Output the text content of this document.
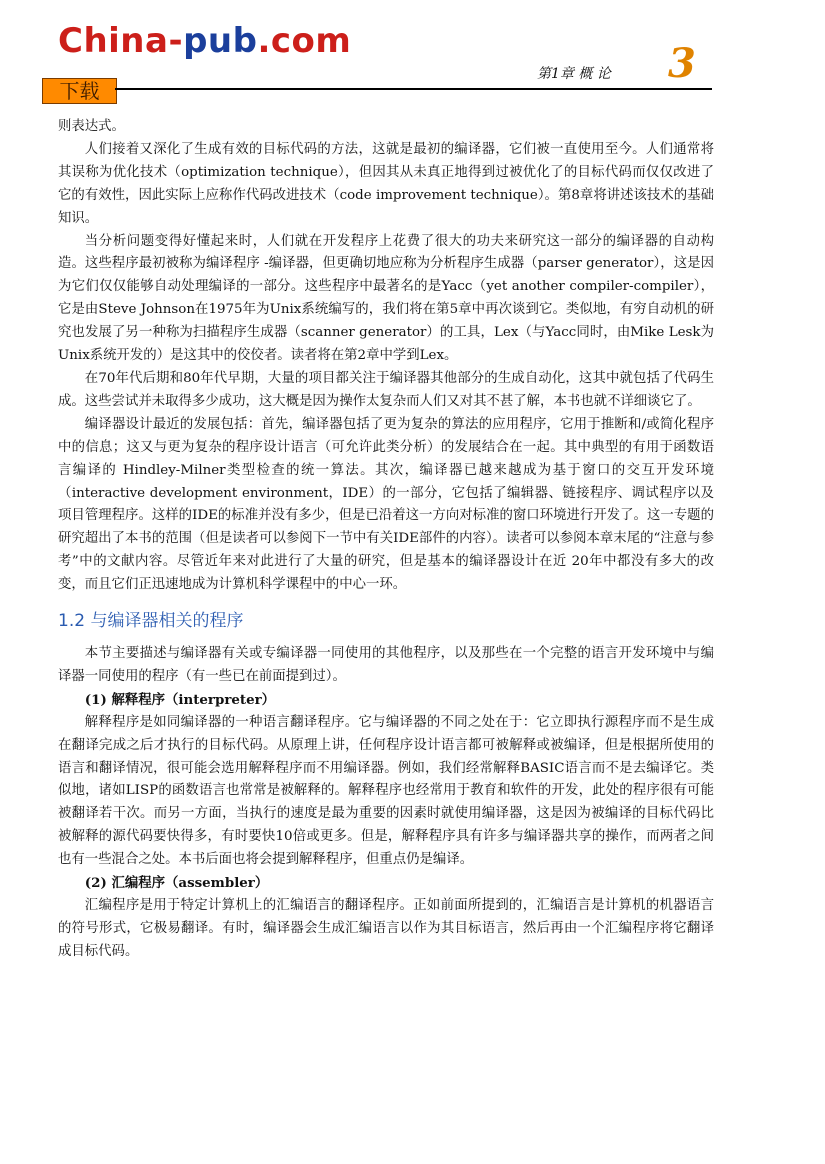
China-pub.com
下载
第1章 概 论 3

则表达式。

人们接着又深化了生成有效的目标代码的方法，这就是最初的编译器，它们被一直使用至今。人们通常将其误称为优化技术（optimization technique），但因其从未真正地得到过被优化了的目标代码而仅仅改进了它的有效性，因此实际上应称作代码改进技术（code improvement technique）。第8章将讲述该技术的基础知识。

当分析问题变得好懂起来时，人们就在开发程序上花费了很大的功夫来研究这一部分的编译器的自动构造。这些程序最初被称为编译程序 -编译器，但更确切地应称为分析程序生成器（parser generator），这是因为它们仅仅能够自动处理编译的一部分。这些程序中最著名的是Yacc（yet another compiler-compiler），它是由Steve Johnson在1975年为Unix系统编写的，我们将在第5章中再次谈到它。类似地，有穷自动机的研究也发展了另一种称为扫描程序生成器（scanner generator）的工具，Lex（与Yacc同时，由Mike Lesk为Unix系统开发的）是这其中的佼佼者。读者将在第2章中学到Lex。

在70年代后期和80年代早期，大量的项目都关注于编译器其他部分的生成自动化，这其中就包括了代码生成。这些尝试并未取得多少成功，这大概是因为操作太复杂而人们又对其不甚了解，本书也就不详细谈它了。

编译器设计最近的发展包括：首先，编译器包括了更为复杂的算法的应用程序，它用于推断和/或简化程序中的信息；这又与更为复杂的程序设计语言（可允许此类分析）的发展结合在一起。其中典型的有用于函数语言编译的 Hindley-Milner类型检查的统一算法。其次，编译器已越来越成为基于窗口的交互开发环境（interactive development environment，IDE）的一部分，它包括了编辑器、链接程序、调试程序以及项目管理程序。这样的IDE的标准并没有多少，但是已沿着这一方向对标准的窗口环境进行开发了。这一专题的研究超出了本书的范围（但是读者可以参阅下一节中有关IDE部件的内容）。读者可以参阅本章末尾的“注意与参考”中的文献内容。尽管近年来对此进行了大量的研究，但是基本的编译器设计在近 20年中都没有多大的改变，而且它们正迅速地成为计算机科学课程中的中心一环。

1.2 与编译器相关的程序

本节主要描述与编译器有关或专编译器一同使用的其他程序，以及那些在一个完整的语言开发环境中与编译器一同使用的程序（有一些已在前面提到过）。

(1) 解释程序（interpreter）

解释程序是如同编译器的一种语言翻译程序。它与编译器的不同之处在于：它立即执行源程序而不是生成在翻译完成之后才执行的目标代码。从原理上讲，任何程序设计语言都可被解释或被编译，但是根据所使用的语言和翻译情况，很可能会选用解释程序而不用编译器。例如，我们经常解释BASIC语言而不是去编译它。类似地，诸如LISP的函数语言也常常是被解释的。解释程序也经常用于教育和软件的开发，此处的程序很有可能被翻译若干次。而另一方面，当执行的速度是最为重要的因素时就使用编译器，这是因为被编译的目标代码比被解释的源代码要快得多，有时要快10倍或更多。但是，解释程序具有许多与编译器共享的操作，而两者之间也有一些混合之处。本书后面也将会提到解释程序，但重点仍是编译。

(2) 汇编程序（assembler）

汇编程序是用于特定计算机上的汇编语言的翻译程序。正如前面所提到的，汇编语言是计算机的机器语言的符号形式，它极易翻译。有时，编译器会生成汇编语言以作为其目标语言，然后再由一个汇编程序将它翻译成目标代码。
